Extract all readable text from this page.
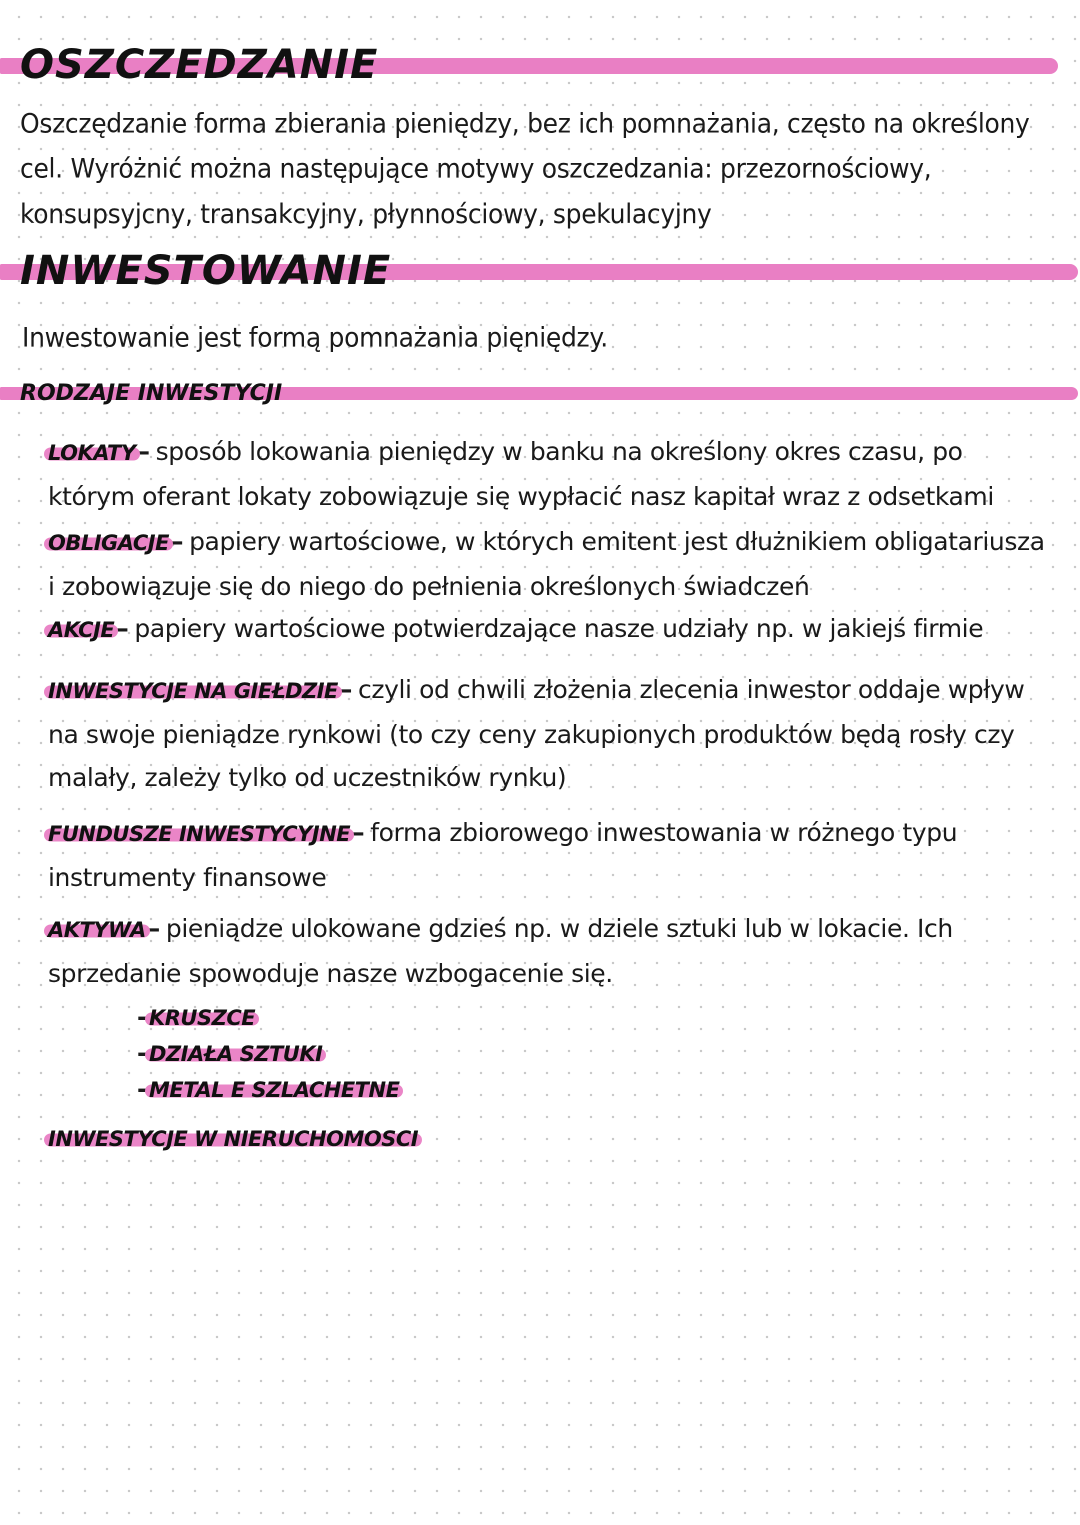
OSZCZEDZANIE

Oszczędzanie forma zbierania pieniędzy, bez ich pomnażania, często na określony cel. Wyróżnić można następujące motywy oszczedzania: przezornościowy, konsupsyjcny, transakcyjny, płynnościowy, spekulacyjny

INWESTOWANIE

Inwestowanie jest formą pomnażania pięniędzy.

RODZAJE INWESTYCJI
LOKATY– sposób lokowania pieniędzy w banku na określony okres czasu, po którym oferant lokaty zobowiązuje się wypłacić nasz kapitał wraz z odsetkami
OBLIGACJE– papiery wartościowe, w których emitent jest dłużnikiem obligatariusza i zobowiązuje się do niego do pełnienia określonych świadczeń
AKCJE– papiery wartościowe potwierdzające nasze udziały np. w jakiejś firmie
INWESTYCJE NA GIEŁDZIE– czyli od chwili złożenia zlecenia inwestor oddaje wpływ na swoje pieniądze rynkowi (to czy ceny zakupionych produktów będą rosły czy malały, zależy tylko od uczestników rynku)
FUNDUSZE INWESTYCYJNE– forma zbiorowego inwestowania w różnego typu instrumenty finansowe
AKTYWA– pieniądze ulokowane gdzieś np. w dziele sztuki lub w lokacie. Ich sprzedanie spowoduje nasze wzbogacenie się.
-KRUSZCE
-DZIAŁA SZTUKI
-METAL E SZLACHETNE
INWESTYCJE W NIERUCHOMOSCI
